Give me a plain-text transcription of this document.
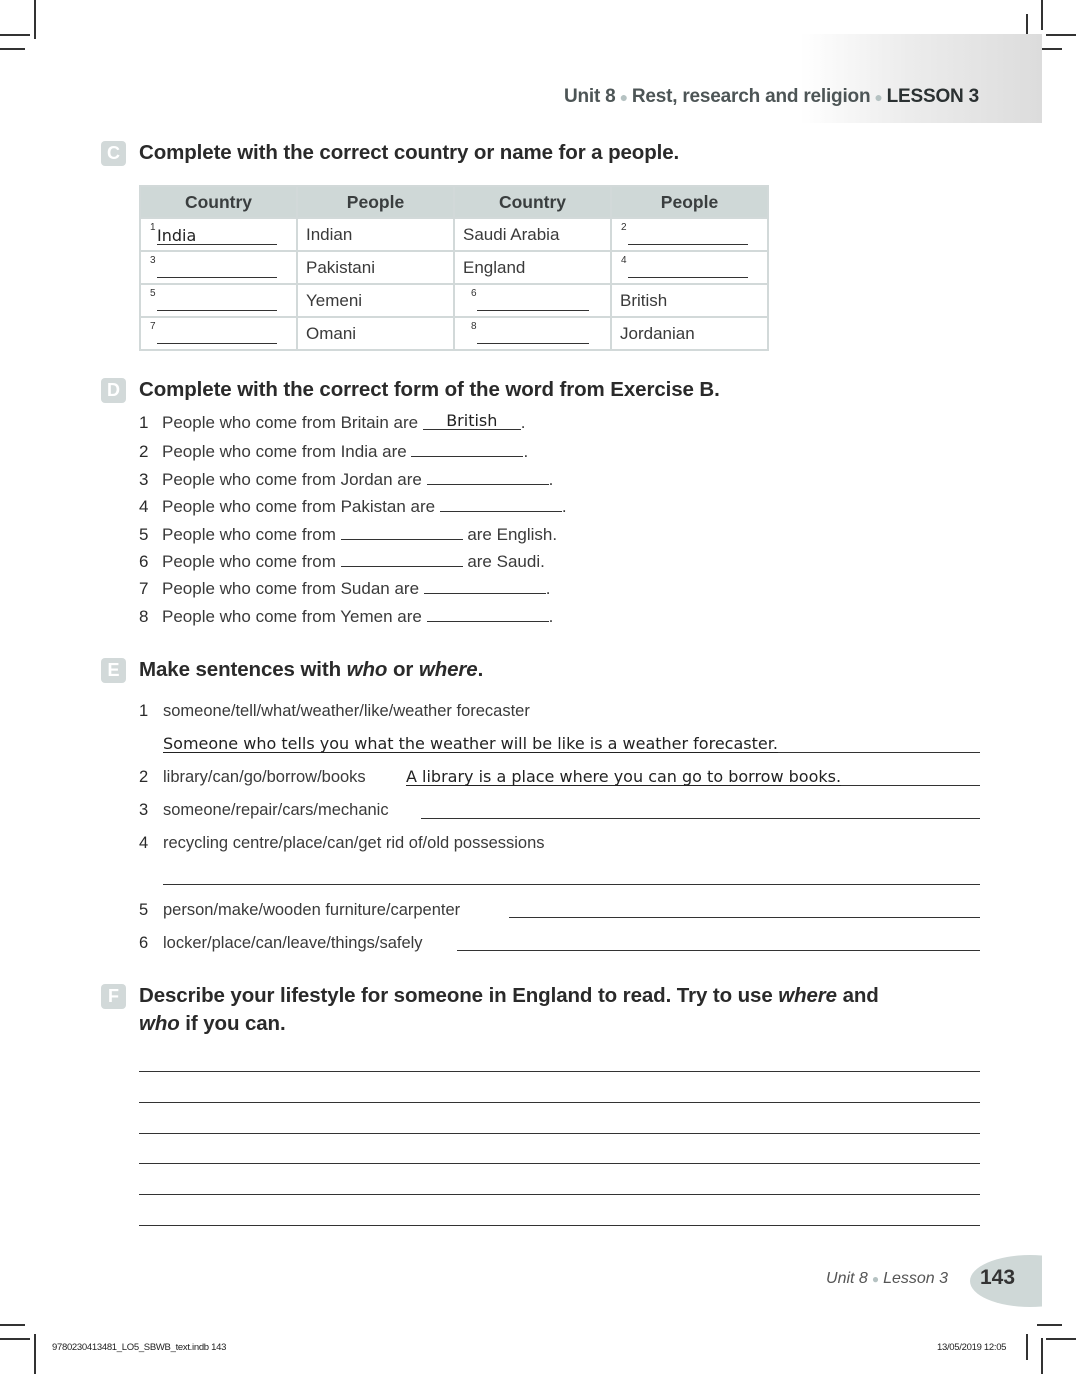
Unit 8 ● Rest, research and religion ● LESSON 3
C Complete with the correct country or name for a people.
Country	People	Country	People

1 India	Indian	Saudi Arabia	2

3	Pakistani	England	4

5	Yemeni	6	British

7	Omani	8	Jordanian
D Complete with the correct form of the word from Exercise B.
1 People who come from Britain are British .
2 People who come from India are	.
3 People who come from Jordan are	.
4 People who come from Pakistan are	.
5 People who come from	are English.
6 People who come from	are Saudi.
7 People who come from Sudan are	.
8 People who come from Yemen are	.
E Make sentences with who or where.
1 someone/tell/what/weather/like/weather forecaster
Someone who tells you what the weather will be like is a weather forecaster.
2 library/can/go/borrow/books	A library is a place where you can go to borrow books.
3 someone/repair/cars/mechanic
4 recycling centre/place/can/get rid of/old possessions
5 person/make/wooden furniture/carpenter
6 locker/place/can/leave/things/safely
F Describe your lifestyle for someone in England to read. Try to use where and
who if you can.
Unit 8 ● Lesson 3 143
9780230413481_LO5_SBWB_text.indb 143	13/05/2019 12:05
